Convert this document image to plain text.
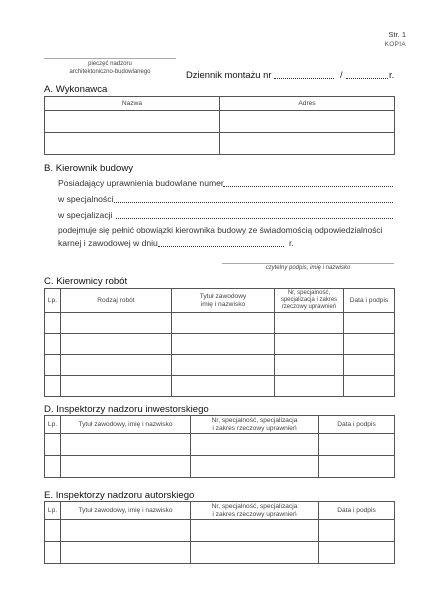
Str. 1
KOPIA
pieczęć nadzoru
architektoniczno-budowlanego	Dziennik montażu nr	/	r.
A. Wykonawca
Nazwa	Adres

B. Kierownik budowy
Posiadający uprawnienia budowlane numer
w specjalności
w specjalizacji
podejmuje się pełnić obowiązki kierownika budowy ze świadomością odpowiedzialności
karnej i zawodowej w dniu	r.
czytelny podpis, imię i nazwisko
C. Kierownicy robót
Lp.	Rodzaj robót	Tytuł zawodowy
imię i nazwisko	Nr, specjalność,
specjalizacja i zakres
rzeczowy uprawnień	Data i podpis

D. Inspektorzy nadzoru inwestorskiego
Lp.	Tytuł zawodowy, imię i nazwisko	Nr, specjalność, specjalizacja
i zakres rzeczowy uprawnień	Data i podpis

E. Inspektorzy nadzoru autorskiego
Lp.	Tytuł zawodowy, imię i nazwisko	Nr, specjalność, specjalizacja
i zakres rzeczowy uprawnień	Data i podpis
